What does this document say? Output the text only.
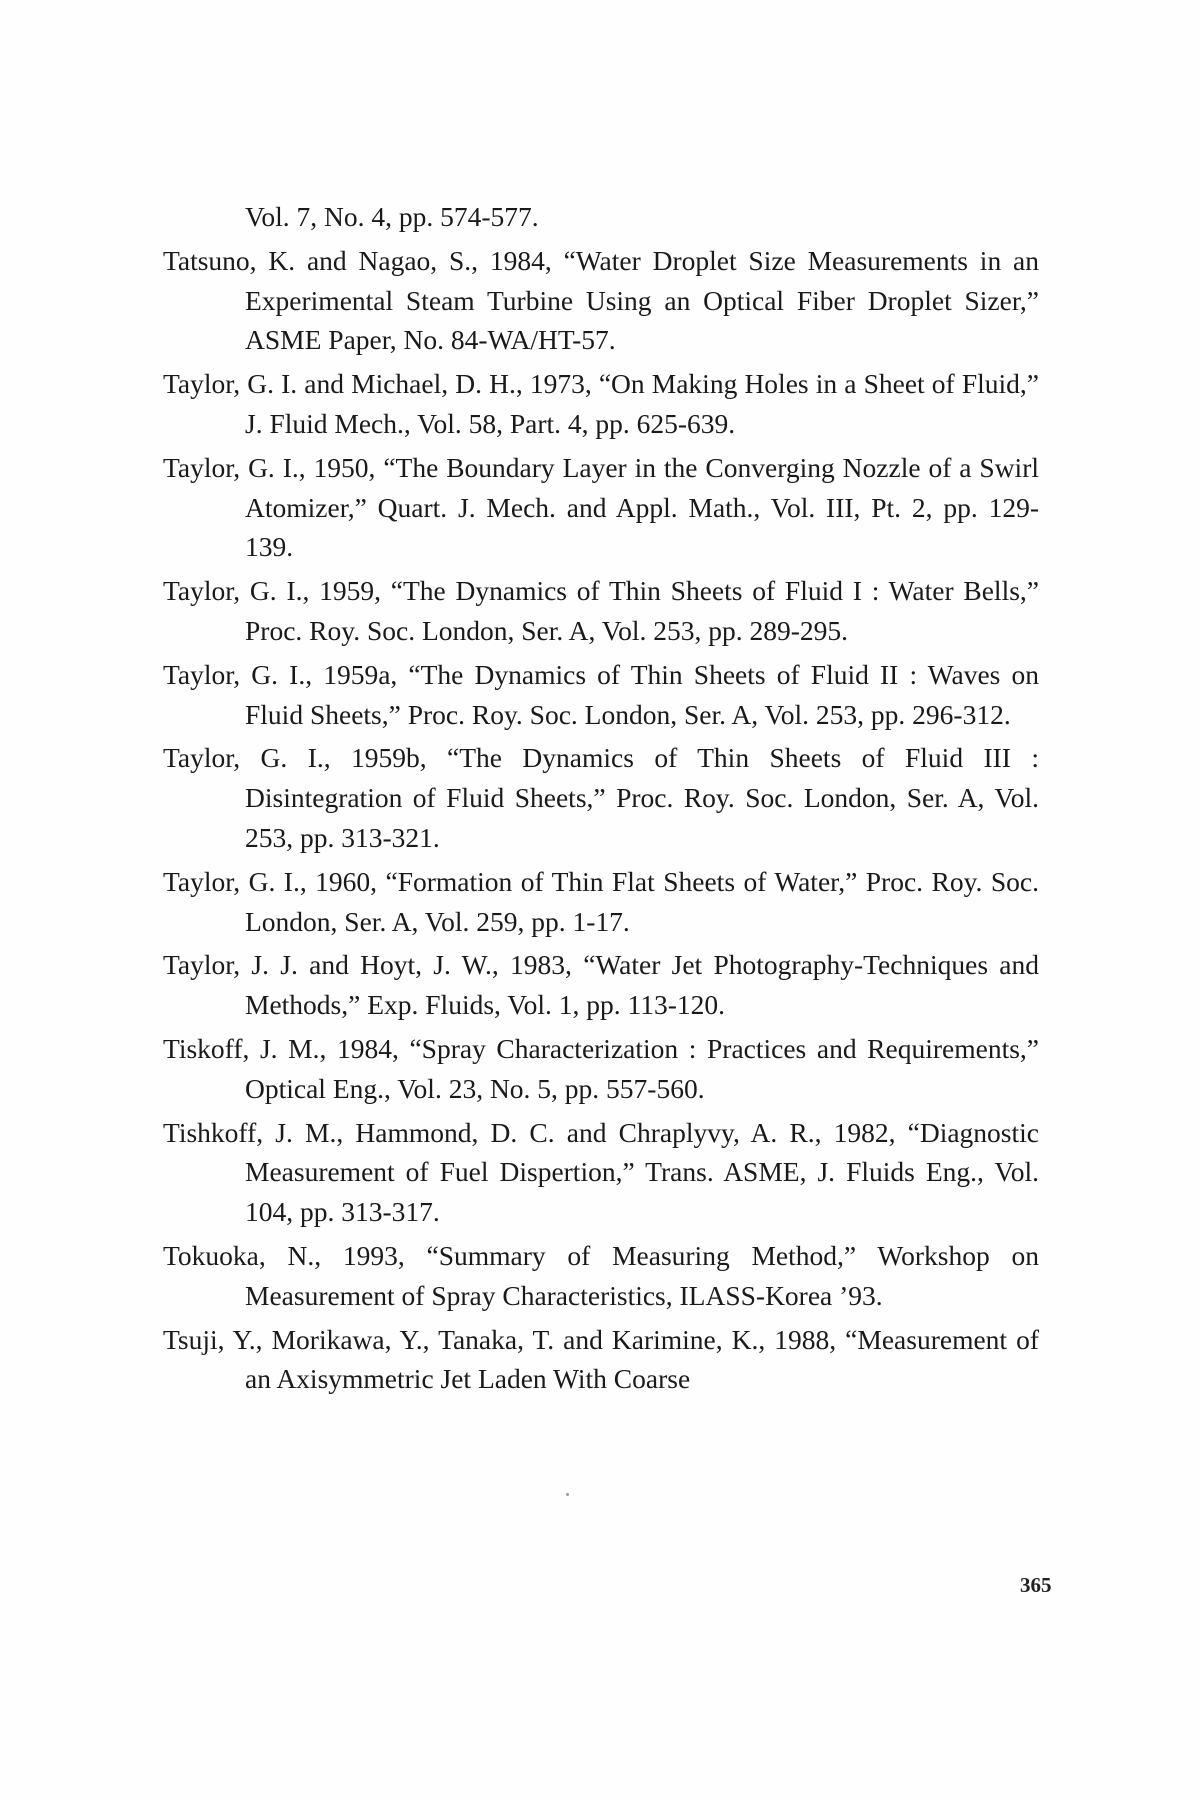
Vol. 7, No. 4, pp. 574-577.

Tatsuno, K. and Nagao, S., 1984, “Water Droplet Size Measurements in an Experimental Steam Turbine Using an Optical Fiber Droplet Sizer,” ASME Paper, No. 84-WA/HT-57.

Taylor, G. I. and Michael, D. H., 1973, “On Making Holes in a Sheet of Fluid,” J. Fluid Mech., Vol. 58, Part. 4, pp. 625-639.

Taylor, G. I., 1950, “The Boundary Layer in the Converging Nozzle of a Swirl Atomizer,” Quart. J. Mech. and Appl. Math., Vol. III, Pt. 2, pp. 129-139.

Taylor, G. I., 1959, “The Dynamics of Thin Sheets of Fluid I : Water Bells,” Proc. Roy. Soc. London, Ser. A, Vol. 253, pp. 289-295.

Taylor, G. I., 1959a, “The Dynamics of Thin Sheets of Fluid II : Waves on Fluid Sheets,” Proc. Roy. Soc. London, Ser. A, Vol. 253, pp. 296-312.

Taylor, G. I., 1959b, “The Dynamics of Thin Sheets of Fluid III : Disintegration of Fluid Sheets,” Proc. Roy. Soc. London, Ser. A, Vol. 253, pp. 313-321.

Taylor, G. I., 1960, “Formation of Thin Flat Sheets of Water,” Proc. Roy. Soc. London, Ser. A, Vol. 259, pp. 1-17.

Taylor, J. J. and Hoyt, J. W., 1983, “Water Jet Photography-Techniques and Methods,” Exp. Fluids, Vol. 1, pp. 113-120.

Tiskoff, J. M., 1984, “Spray Characterization : Practices and Requirements,” Optical Eng., Vol. 23, No. 5, pp. 557-560.

Tishkoff, J. M., Hammond, D. C. and Chraplyvy, A. R., 1982, “Diagnostic Measurement of Fuel Dispertion,” Trans. ASME, J. Fluids Eng., Vol. 104, pp. 313-317.

Tokuoka, N., 1993, “Summary of Measuring Method,” Workshop on Measurement of Spray Characteristics, ILASS-Korea ’93.

Tsuji, Y., Morikawa, Y., Tanaka, T. and Karimine, K., 1988, “Measurement of an Axisymmetric Jet Laden With Coarse

365
